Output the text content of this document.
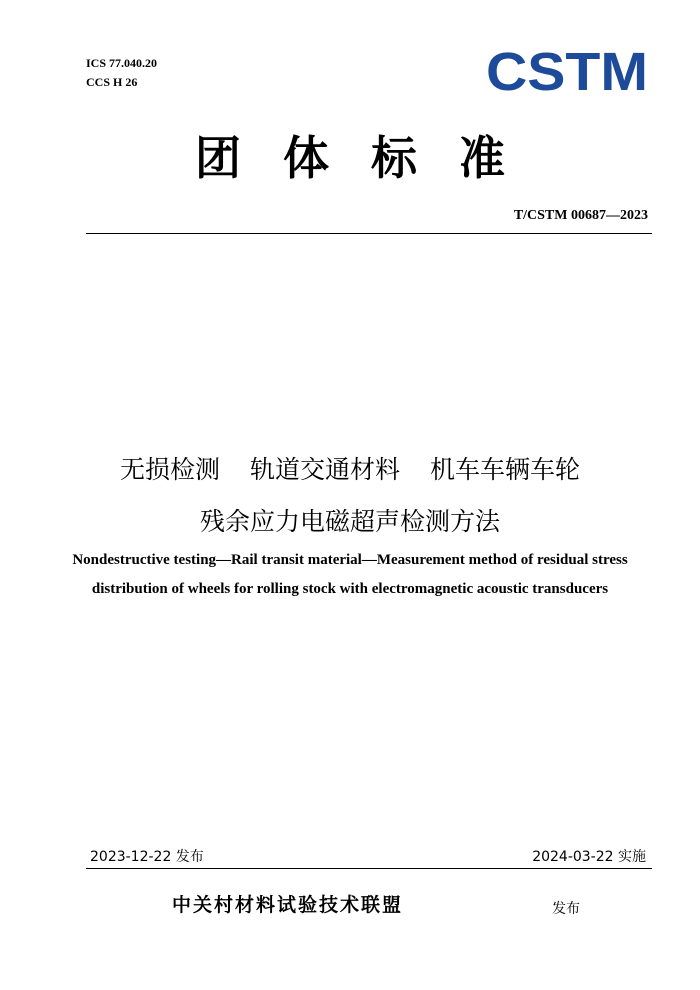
ICS 77.040.20
CCS H 26	CSTM
团体标准
T/CSTM 00687—2023
无损检测 轨道交通材料 机车车辆车轮
残余应力电磁超声检测方法
Nondestructive testing—Rail transit material—Measurement method of residual stress distribution of wheels for rolling stock with electromagnetic acoustic transducers
2023-12-22 发布	2024-03-22 实施
中关村材料试验技术联盟	发布
